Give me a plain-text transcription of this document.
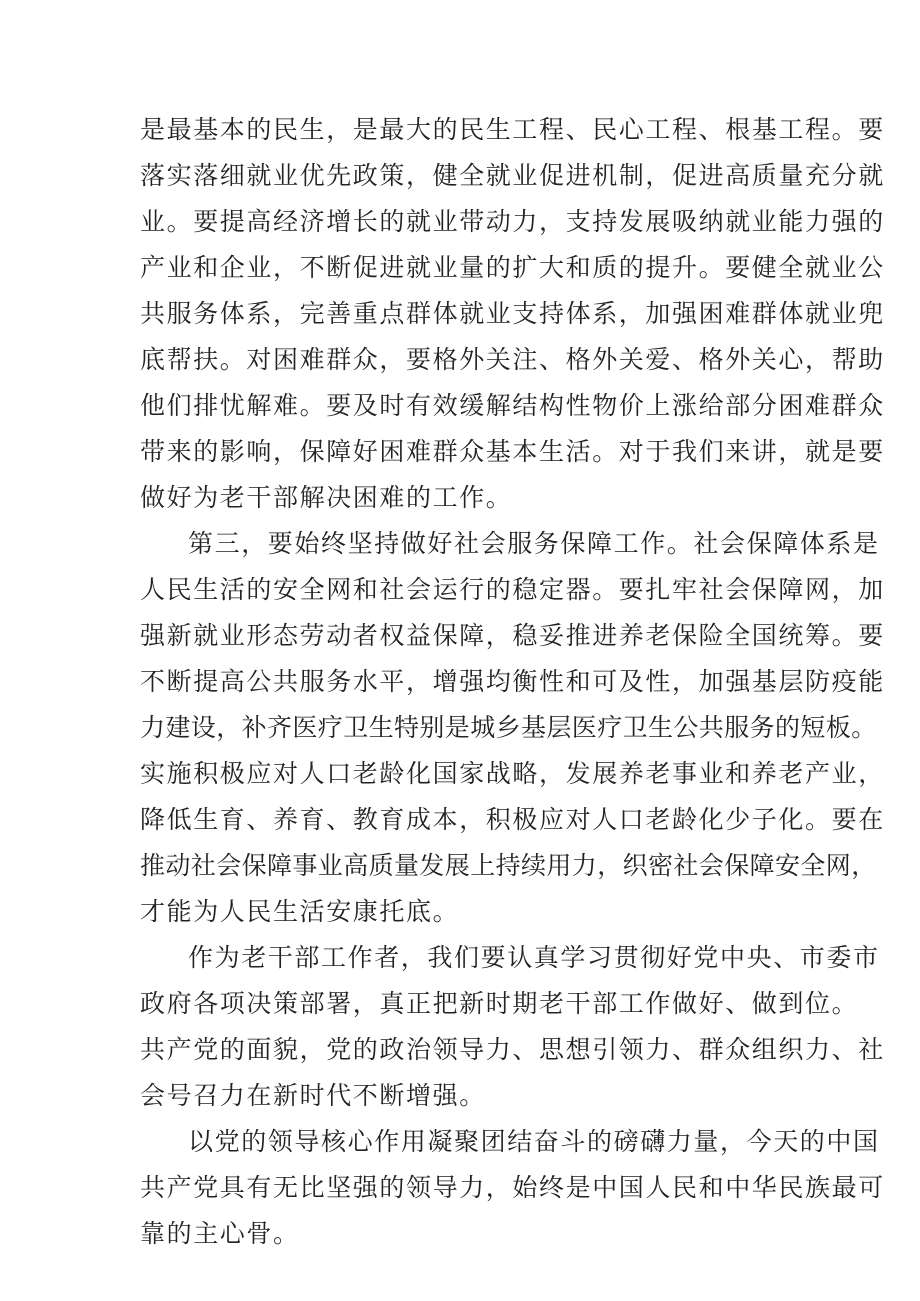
是最基本的民生，是最大的民生工程、民心工程、根基工程。要
落实落细就业优先政策，健全就业促进机制，促进高质量充分就
业。要提高经济增长的就业带动力，支持发展吸纳就业能力强的
产业和企业，不断促进就业量的扩大和质的提升。要健全就业公
共服务体系，完善重点群体就业支持体系，加强困难群体就业兜
底帮扶。对困难群众，要格外关注、格外关爱、格外关心，帮助
他们排忧解难。要及时有效缓解结构性物价上涨给部分困难群众
带来的影响，保障好困难群众基本生活。对于我们来讲，就是要
做好为老干部解决困难的工作。
第三，要始终坚持做好社会服务保障工作。社会保障体系是
人民生活的安全网和社会运行的稳定器。要扎牢社会保障网，加
强新就业形态劳动者权益保障，稳妥推进养老保险全国统筹。要
不断提高公共服务水平，增强均衡性和可及性，加强基层防疫能
力建设，补齐医疗卫生特别是城乡基层医疗卫生公共服务的短板。
实施积极应对人口老龄化国家战略，发展养老事业和养老产业，
降低生育、养育、教育成本，积极应对人口老龄化少子化。要在
推动社会保障事业高质量发展上持续用力，织密社会保障安全网，
才能为人民生活安康托底。
作为老干部工作者，我们要认真学习贯彻好党中央、市委市
政府各项决策部署，真正把新时期老干部工作做好、做到位。
共产党的面貌，党的政治领导力、思想引领力、群众组织力、社
会号召力在新时代不断增强。
以党的领导核心作用凝聚团结奋斗的磅礴力量，今天的中国
共产党具有无比坚强的领导力，始终是中国人民和中华民族最可
靠的主心骨。
